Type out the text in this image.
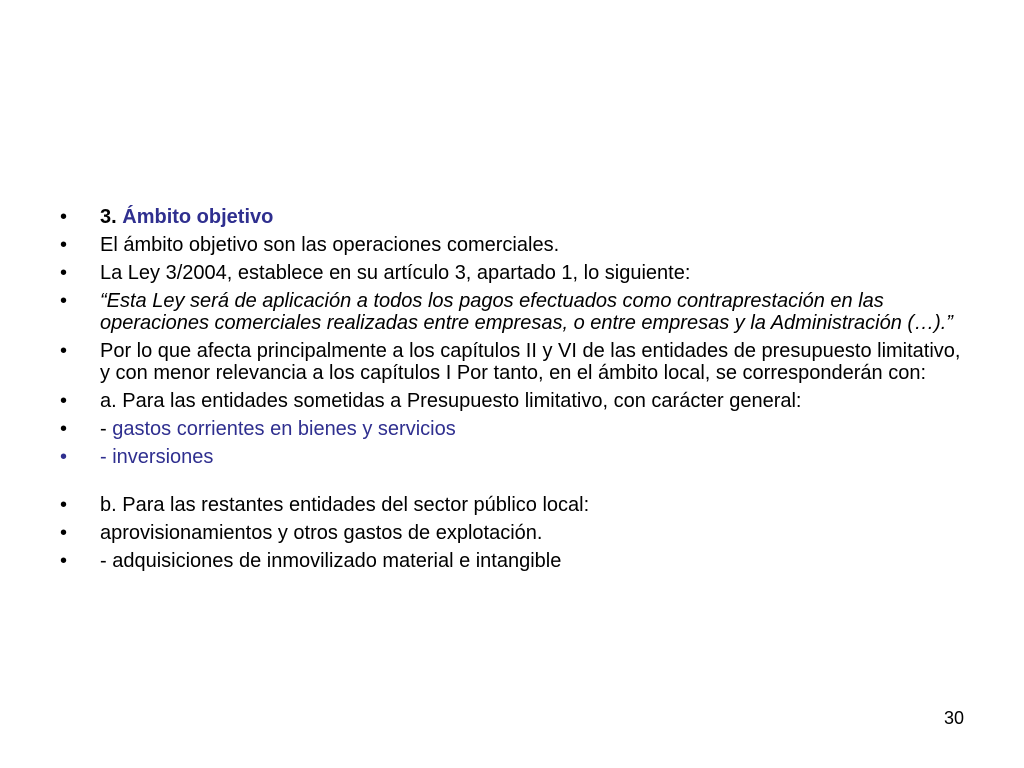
•	3. Ámbito objetivo
•	El ámbito objetivo son las operaciones comerciales.
•	La Ley 3/2004, establece en su artículo 3, apartado 1, lo siguiente:
•	“Esta Ley será de aplicación a todos los pagos efectuados como contraprestación en las operaciones comerciales realizadas entre empresas, o entre empresas y la Administración (…).”
•	Por lo que afecta principalmente a los capítulos II y VI de las entidades de presupuesto limitativo, y con menor relevancia a los capítulos I Por tanto, en el ámbito local, se corresponderán con:
•	a. Para las entidades sometidas a Presupuesto limitativo, con carácter general:
•	- gastos corrientes en bienes y servicios
•	- inversiones
•	b. Para las restantes entidades del sector público local:
•	aprovisionamientos y otros gastos de explotación.
•	- adquisiciones de inmovilizado material e intangible
30
